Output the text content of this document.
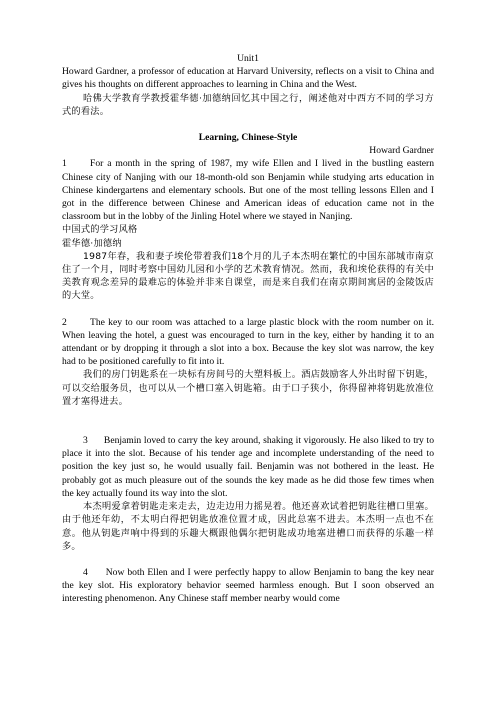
Unit1

Howard Gardner, a professor of education at Harvard University, reflects on a visit to China and gives his thoughts on different approaches to learning in China and the West.

哈佛大学教育学教授霍华德·加德纳回忆其中国之行，阐述他对中西方不同的学习方式的看法。

Learning, Chinese-Style

Howard Gardner

1 For a month in the spring of 1987, my wife Ellen and I lived in the bustling eastern Chinese city of Nanjing with our 18-month-old son Benjamin while studying arts education in Chinese kindergartens and elementary schools. But one of the most telling lessons Ellen and I got in the difference between Chinese and American ideas of education came not in the classroom but in the lobby of the Jinling Hotel where we stayed in Nanjing.

中国式的学习风格

霍华德·加德纳

1987年春，我和妻子埃伦带着我们18个月的儿子本杰明在繁忙的中国东部城市南京住了一个月，同时考察中国幼儿园和小学的艺术教育情况。然而，我和埃伦获得的有关中美教育观念差异的最难忘的体验并非来自课堂，而是来自我们在南京期间寓居的金陵饭店的大堂。

2 The key to our room was attached to a large plastic block with the room number on it. When leaving the hotel, a guest was encouraged to turn in the key, either by handing it to an attendant or by dropping it through a slot into a box. Because the key slot was narrow, the key had to be positioned carefully to fit into it.

我们的房门钥匙系在一块标有房间号的大塑料板上。酒店鼓励客人外出时留下钥匙，可以交给服务员，也可以从一个槽口塞入钥匙箱。由于口子狭小，你得留神将钥匙放准位置才塞得进去。

3 Benjamin loved to carry the key around, shaking it vigorously. He also liked to try to place it into the slot. Because of his tender age and incomplete understanding of the need to position the key just so, he would usually fail. Benjamin was not bothered in the least. He probably got as much pleasure out of the sounds the key made as he did those few times when the key actually found its way into the slot.

本杰明爱拿着钥匙走来走去，边走边用力摇晃着。他还喜欢试着把钥匙往槽口里塞。由于他还年幼，不太明白得把钥匙放准位置才成，因此总塞不进去。本杰明一点也不在意。他从钥匙声响中得到的乐趣大概跟他偶尔把钥匙成功地塞进槽口而获得的乐趣一样多。

4 Now both Ellen and I were perfectly happy to allow Benjamin to bang the key near the key slot. His exploratory behavior seemed harmless enough. But I soon observed an interesting phenomenon. Any Chinese staff member nearby would come
